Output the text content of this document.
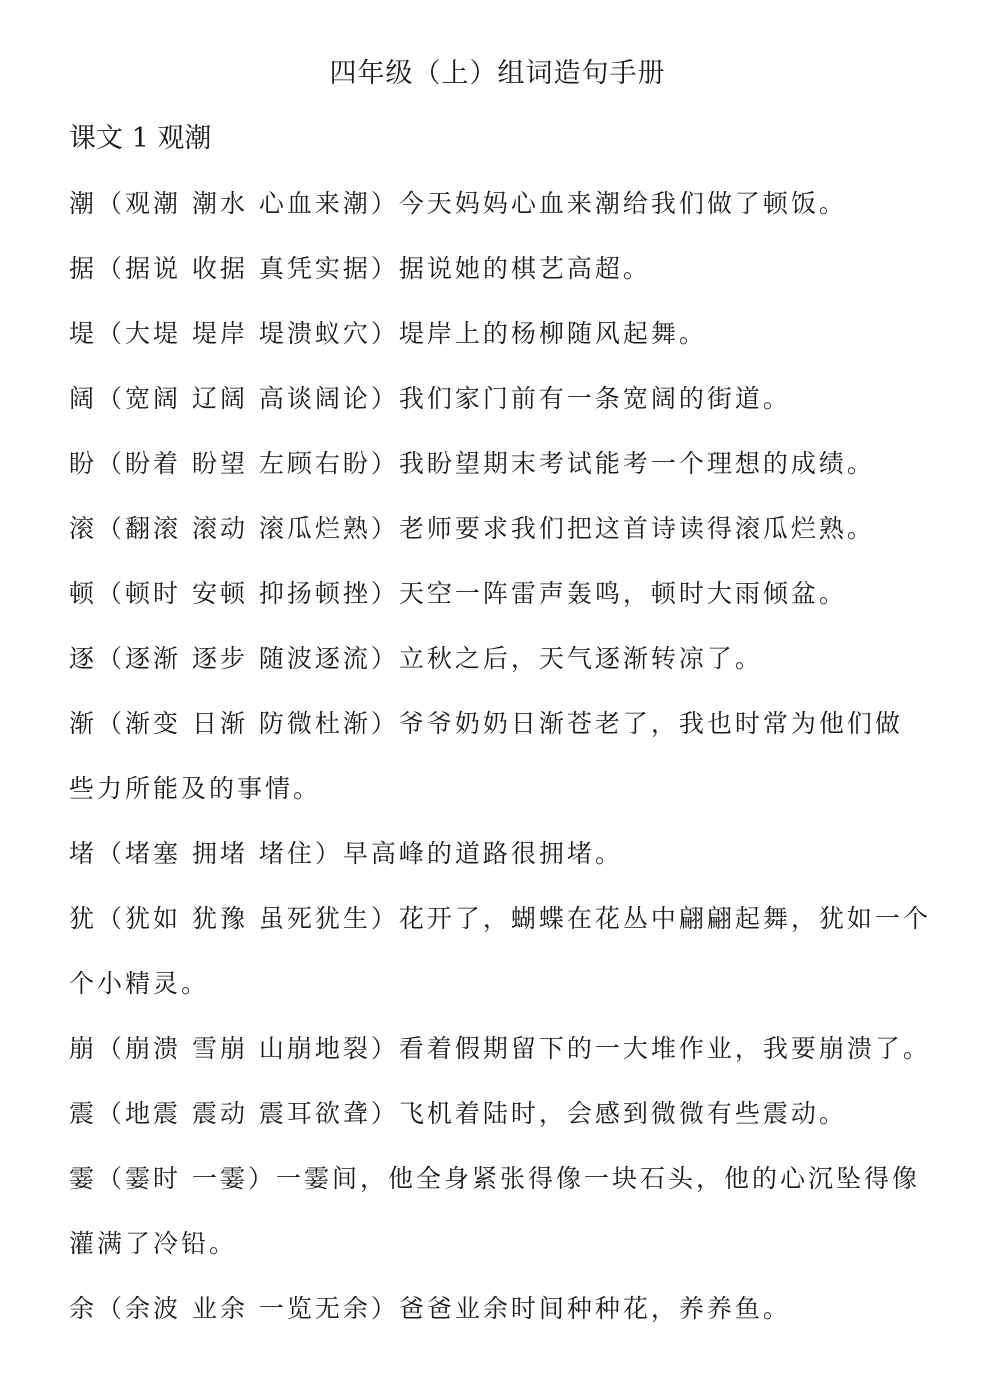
四年级（上）组词造句手册
课文 1 观潮
潮（观潮 潮水 心血来潮）今天妈妈心血来潮给我们做了顿饭。
据（据说 收据 真凭实据）据说她的棋艺高超。
堤（大堤 堤岸 堤溃蚁穴）堤岸上的杨柳随风起舞。
阔（宽阔 辽阔 高谈阔论）我们家门前有一条宽阔的街道。
盼（盼着 盼望 左顾右盼）我盼望期末考试能考一个理想的成绩。
滚（翻滚 滚动 滚瓜烂熟）老师要求我们把这首诗读得滚瓜烂熟。
顿（顿时 安顿 抑扬顿挫）天空一阵雷声轰鸣，顿时大雨倾盆。
逐（逐渐 逐步 随波逐流）立秋之后，天气逐渐转凉了。
渐（渐变 日渐 防微杜渐）爷爷奶奶日渐苍老了，我也时常为他们做
些力所能及的事情。
堵（堵塞 拥堵 堵住）早高峰的道路很拥堵。
犹（犹如 犹豫 虽死犹生）花开了，蝴蝶在花丛中翩翩起舞，犹如一个
个小精灵。
崩（崩溃 雪崩 山崩地裂）看着假期留下的一大堆作业，我要崩溃了。
震（地震 震动 震耳欲聋）飞机着陆时，会感到微微有些震动。
霎（霎时 一霎）一霎间，他全身紧张得像一块石头，他的心沉坠得像
灌满了冷铅。
余（余波 业余 一览无余）爸爸业余时间种种花，养养鱼。
